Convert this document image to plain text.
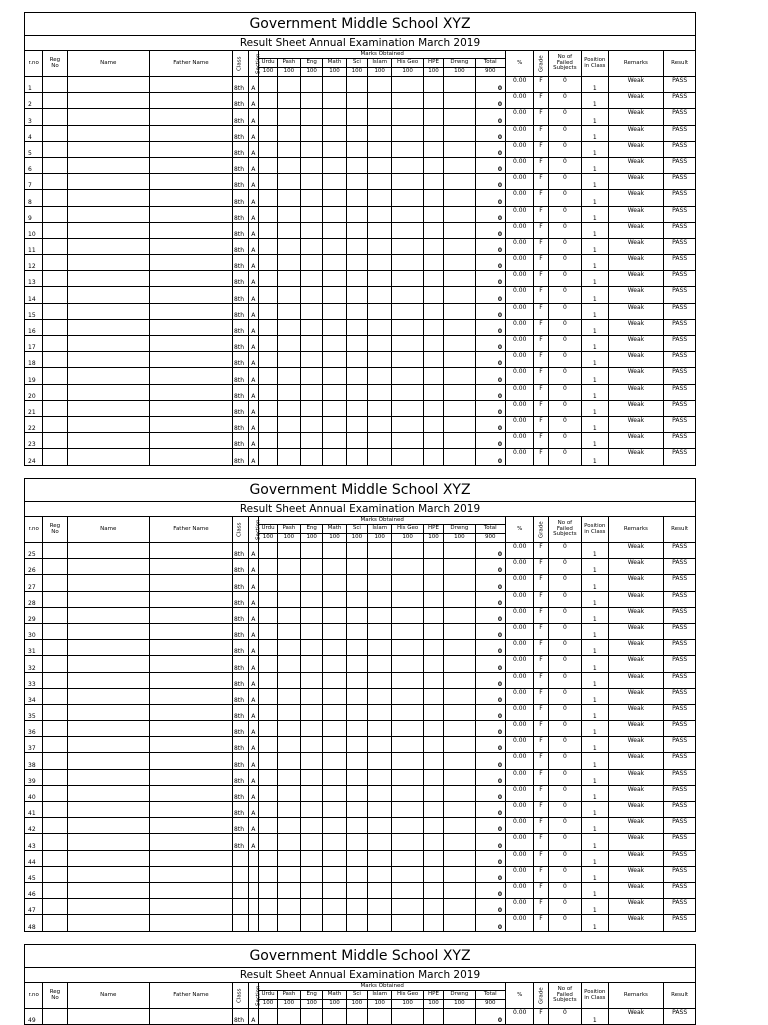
Government Middle School XYZ																					
Result Sheet Annual Examination March 2019																					
r.no	Reg
No	Name	Father Name	Class	Section	Marks Obtained										%	Grade	No of
Failed
Subjects	Position
in Class	Remarks	Result
						Urdu	Pash	Eng	Math	Sci	Islam	His Geo	HPE	Drwng	Total						
						100	100	100	100	100	100	100	100	100	900						
1				8th	A										0	0.00	F	0	1	Weak	PASS
2				8th	A										0	0.00	F	0	1	Weak	PASS
3				8th	A										0	0.00	F	0	1	Weak	PASS
4				8th	A										0	0.00	F	0	1	Weak	PASS
5				8th	A										0	0.00	F	0	1	Weak	PASS
6				8th	A										0	0.00	F	0	1	Weak	PASS
7				8th	A										0	0.00	F	0	1	Weak	PASS
8				8th	A										0	0.00	F	0	1	Weak	PASS
9				8th	A										0	0.00	F	0	1	Weak	PASS
10				8th	A										0	0.00	F	0	1	Weak	PASS
11				8th	A										0	0.00	F	0	1	Weak	PASS
12				8th	A										0	0.00	F	0	1	Weak	PASS
13				8th	A										0	0.00	F	0	1	Weak	PASS
14				8th	A										0	0.00	F	0	1	Weak	PASS
15				8th	A										0	0.00	F	0	1	Weak	PASS
16				8th	A										0	0.00	F	0	1	Weak	PASS
17				8th	A										0	0.00	F	0	1	Weak	PASS
18				8th	A										0	0.00	F	0	1	Weak	PASS
19				8th	A										0	0.00	F	0	1	Weak	PASS
20				8th	A										0	0.00	F	0	1	Weak	PASS
21				8th	A										0	0.00	F	0	1	Weak	PASS
22				8th	A										0	0.00	F	0	1	Weak	PASS
23				8th	A										0	0.00	F	0	1	Weak	PASS
24				8th	A										0	0.00	F	0	1	Weak	PASS
Government Middle School XYZ																					
Result Sheet Annual Examination March 2019																					
r.no	Reg
No	Name	Father Name	Class	Section	Marks Obtained										%	Grade	No of
Failed
Subjects	Position
in Class	Remarks	Result
						Urdu	Pash	Eng	Math	Sci	Islam	His Geo	HPE	Drwng	Total						
						100	100	100	100	100	100	100	100	100	900						
25				8th	A										0	0.00	F	0	1	Weak	PASS
26				8th	A										0	0.00	F	0	1	Weak	PASS
27				8th	A										0	0.00	F	0	1	Weak	PASS
28				8th	A										0	0.00	F	0	1	Weak	PASS
29				8th	A										0	0.00	F	0	1	Weak	PASS
30				8th	A										0	0.00	F	0	1	Weak	PASS
31				8th	A										0	0.00	F	0	1	Weak	PASS
32				8th	A										0	0.00	F	0	1	Weak	PASS
33				8th	A										0	0.00	F	0	1	Weak	PASS
34				8th	A										0	0.00	F	0	1	Weak	PASS
35				8th	A										0	0.00	F	0	1	Weak	PASS
36				8th	A										0	0.00	F	0	1	Weak	PASS
37				8th	A										0	0.00	F	0	1	Weak	PASS
38				8th	A										0	0.00	F	0	1	Weak	PASS
39				8th	A										0	0.00	F	0	1	Weak	PASS
40				8th	A										0	0.00	F	0	1	Weak	PASS
41				8th	A										0	0.00	F	0	1	Weak	PASS
42				8th	A										0	0.00	F	0	1	Weak	PASS
43				8th	A										0	0.00	F	0	1	Weak	PASS
44															0	0.00	F	0	1	Weak	PASS
45															0	0.00	F	0	1	Weak	PASS
46															0	0.00	F	0	1	Weak	PASS
47															0	0.00	F	0	1	Weak	PASS
48															0	0.00	F	0	1	Weak	PASS
Government Middle School XYZ																					
Result Sheet Annual Examination March 2019																					
r.no	Reg
No	Name	Father Name	Class	Section	Marks Obtained										%	Grade	No of
Failed
Subjects	Position
in Class	Remarks	Result
						Urdu	Pash	Eng	Math	Sci	Islam	His Geo	HPE	Drwng	Total						
						100	100	100	100	100	100	100	100	100	900						
49				8th	A										0	0.00	F	0	1	Weak	PASS
